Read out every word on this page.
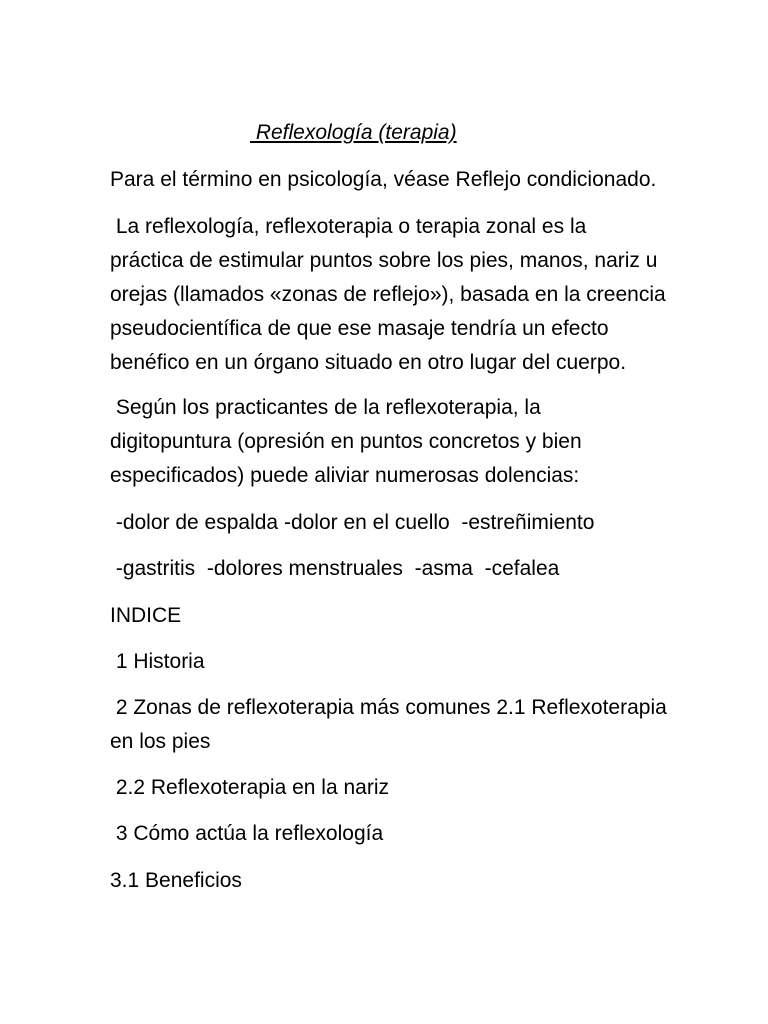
Reflexología (terapia)
Para el término en psicología, véase Reflejo condicionado.
La reflexología, reflexoterapia o terapia zonal es la
práctica de estimular puntos sobre los pies, manos, nariz u
orejas (llamados «zonas de reflejo»), basada en la creencia
pseudocientífica de que ese masaje tendría un efecto
benéfico en un órgano situado en otro lugar del cuerpo.
Según los practicantes de la reflexoterapia, la
digitopuntura (opresión en puntos concretos y bien
especificados) puede aliviar numerosas dolencias:
-dolor de espalda -dolor en el cuello  -estreñimiento
-gastritis  -dolores menstruales  -asma  -cefalea
INDICE
1 Historia
2 Zonas de reflexoterapia más comunes 2.1 Reflexoterapia
en los pies
2.2 Reflexoterapia en la nariz
3 Cómo actúa la reflexología
3.1 Beneficios
